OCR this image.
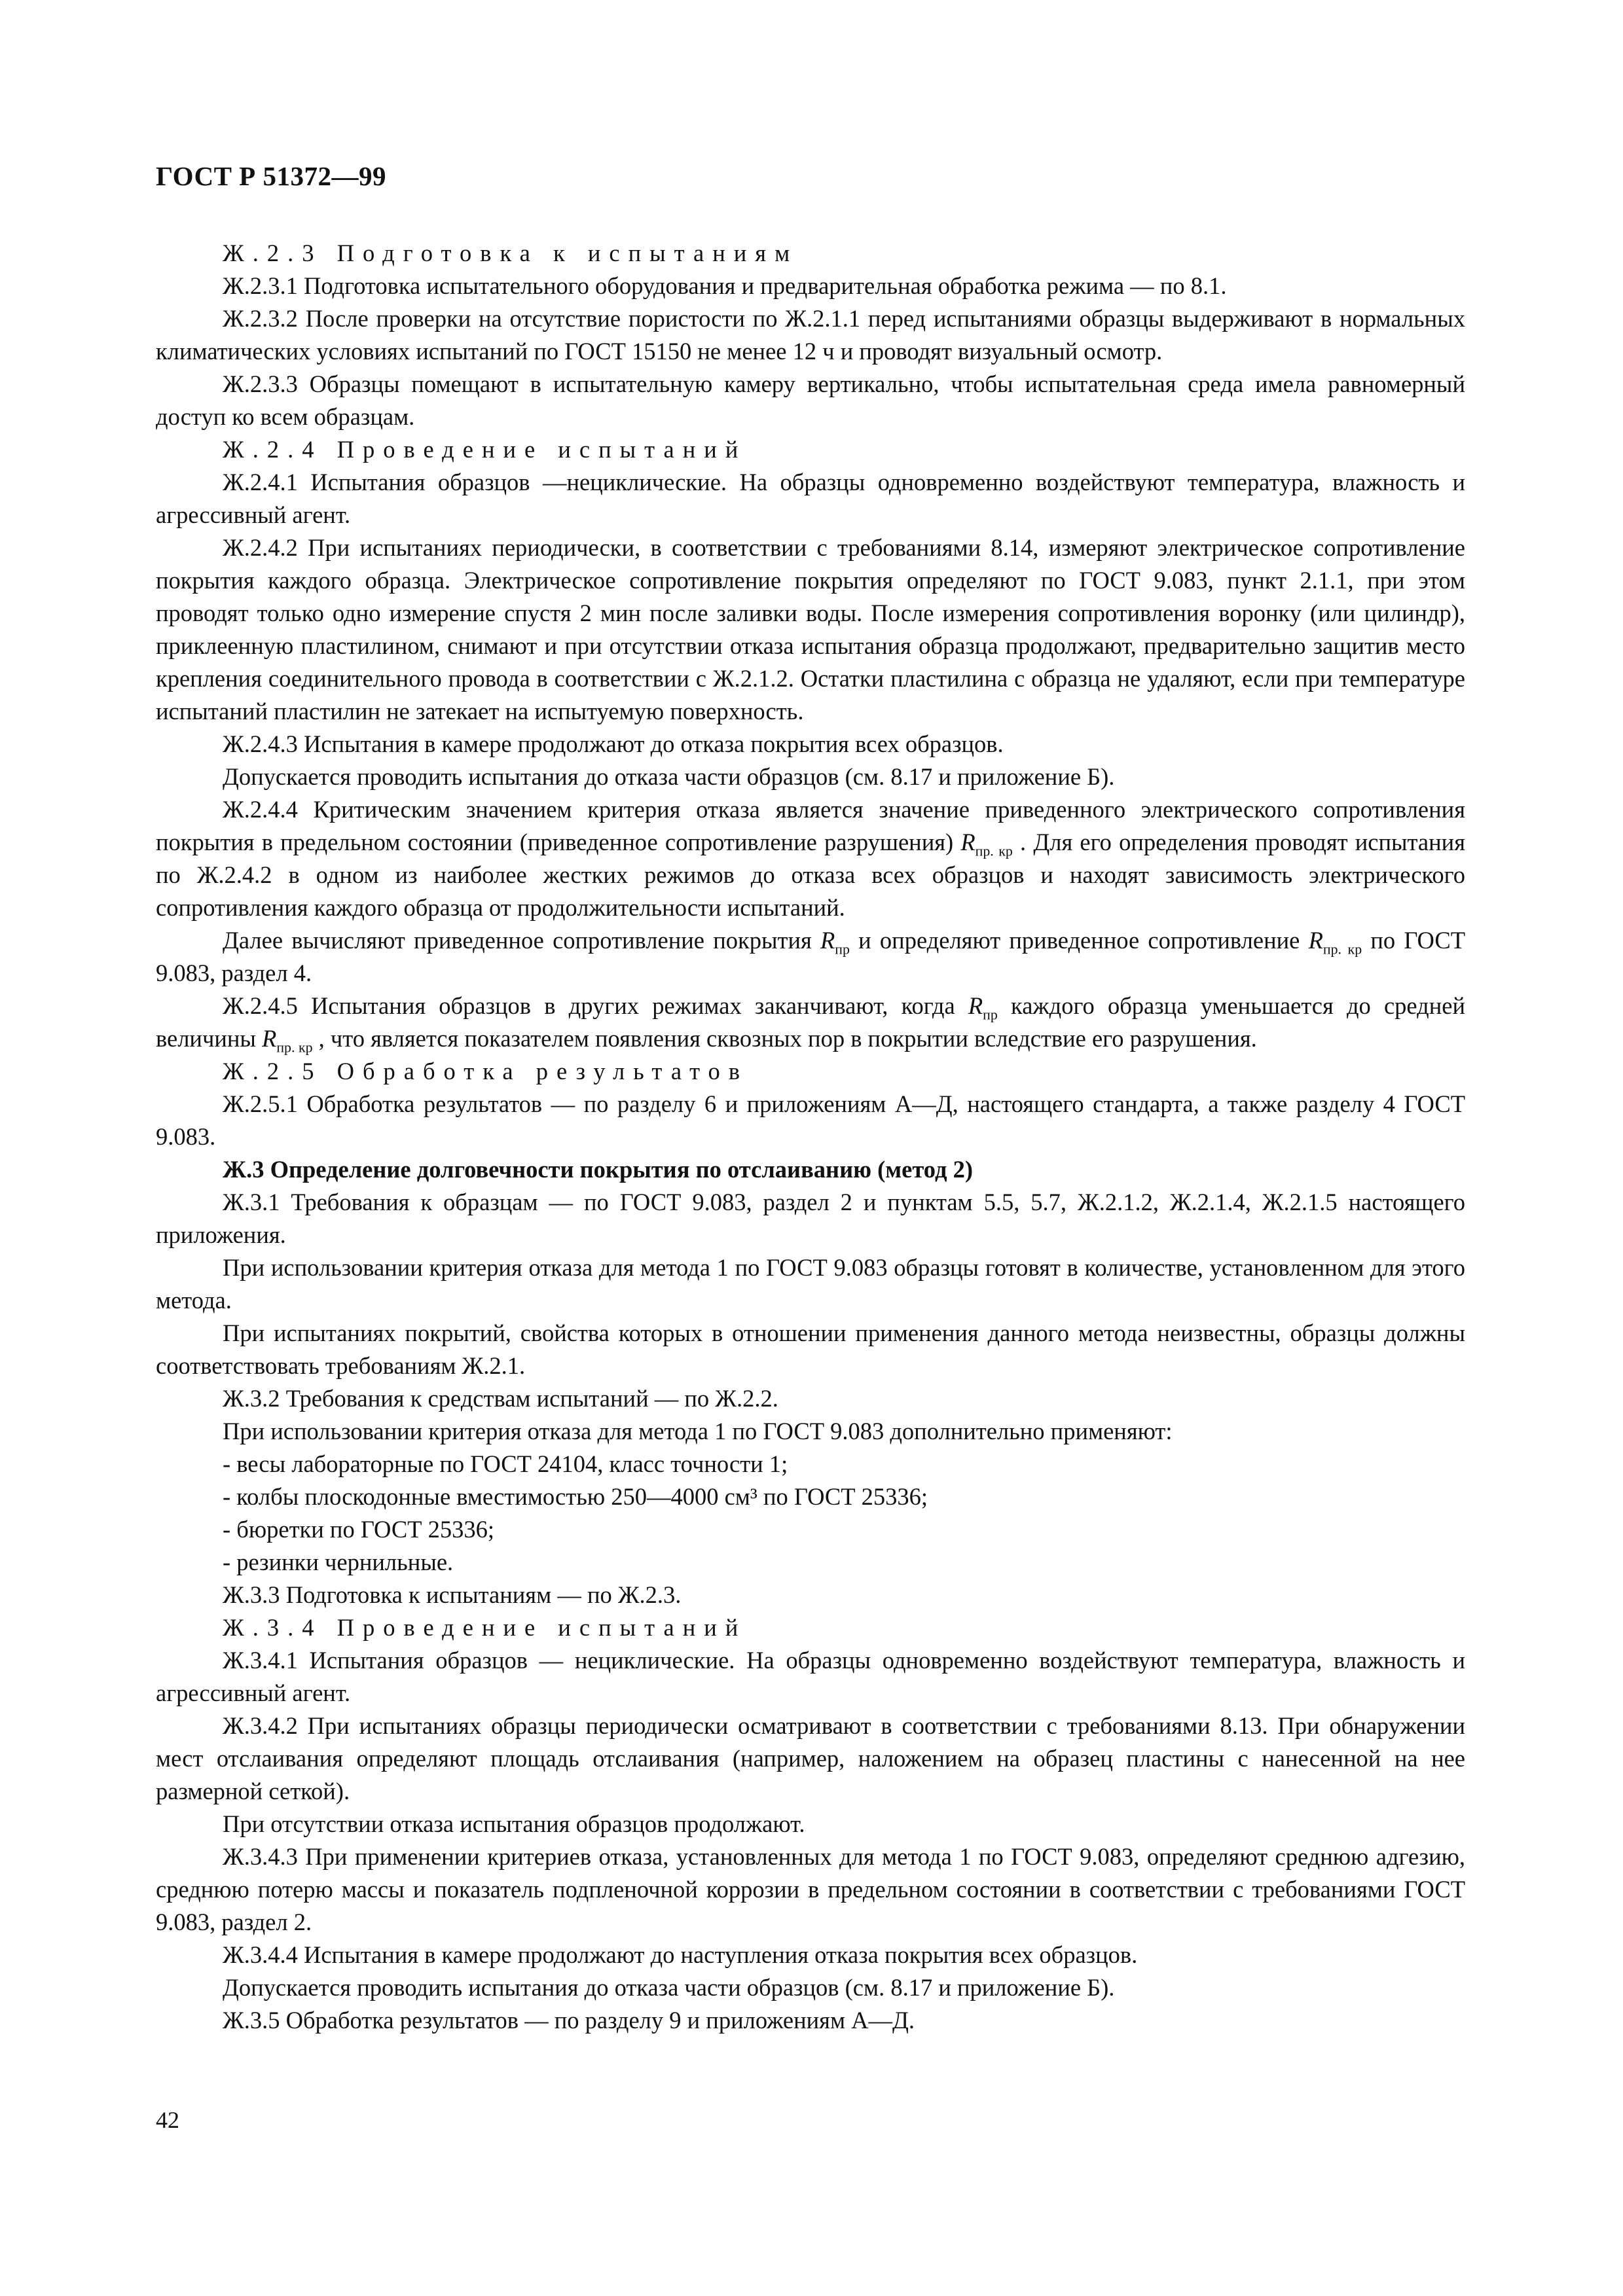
ГОСТ Р 51372—99

Ж.2.3 Подготовка к испытаниям

Ж.2.3.1 Подготовка испытательного оборудования и предварительная обработка режима — по 8.1.

Ж.2.3.2 После проверки на отсутствие пористости по Ж.2.1.1 перед испытаниями образцы выдерживают в нормальных климатических условиях испытаний по ГОСТ 15150 не менее 12 ч и проводят визуальный осмотр.

Ж.2.3.3 Образцы помещают в испытательную камеру вертикально, чтобы испытательная среда имела равномерный доступ ко всем образцам.

Ж.2.4 Проведение испытаний

Ж.2.4.1 Испытания образцов —нециклические. На образцы одновременно воздействуют температура, влажность и агрессивный агент.

Ж.2.4.2 При испытаниях периодически, в соответствии с требованиями 8.14, измеряют электрическое сопротивление покрытия каждого образца. Электрическое сопротивление покрытия определяют по ГОСТ 9.083, пункт 2.1.1, при этом проводят только одно измерение спустя 2 мин после заливки воды. После измерения сопротивления воронку (или цилиндр), приклеенную пластилином, снимают и при отсутствии отказа испытания образца продолжают, предварительно защитив место крепления соединительного провода в соответствии с Ж.2.1.2. Остатки пластилина с образца не удаляют, если при температуре испытаний пластилин не затекает на испытуемую поверхность.

Ж.2.4.3 Испытания в камере продолжают до отказа покрытия всех образцов.

Допускается проводить испытания до отказа части образцов (см. 8.17 и приложение Б).

Ж.2.4.4 Критическим значением критерия отказа является значение приведенного электрического сопротивления покрытия в предельном состоянии (приведенное сопротивление разрушения) $R_{пр. кр}$ . Для его определения проводят испытания по Ж.2.4.2 в одном из наиболее жестких режимов до отказа всех образцов и находят зависимость электрического сопротивления каждого образца от продолжительности испытаний.

Далее вычисляют приведенное сопротивление покрытия $R_{пр}$ и определяют приведенное сопротивление $R_{пр. кр}$ по ГОСТ 9.083, раздел 4.

Ж.2.4.5 Испытания образцов в других режимах заканчивают, когда $R_{пр}$ каждого образца уменьшается до средней величины $R_{пр. кр}$ , что является показателем появления сквозных пор в покрытии вследствие его разрушения.

Ж.2.5 Обработка результатов

Ж.2.5.1 Обработка результатов — по разделу 6 и приложениям А—Д, настоящего стандарта, а также разделу 4 ГОСТ 9.083.

Ж.3 Определение долговечности покрытия по отслаиванию (метод 2)

Ж.3.1 Требования к образцам — по ГОСТ 9.083, раздел 2 и пунктам 5.5, 5.7, Ж.2.1.2, Ж.2.1.4, Ж.2.1.5 настоящего приложения.

При использовании критерия отказа для метода 1 по ГОСТ 9.083 образцы готовят в количестве, установленном для этого метода.

При испытаниях покрытий, свойства которых в отношении применения данного метода неизвестны, образцы должны соответствовать требованиям Ж.2.1.

Ж.3.2 Требования к средствам испытаний — по Ж.2.2.

При использовании критерия отказа для метода 1 по ГОСТ 9.083 дополнительно применяют:

- весы лабораторные по ГОСТ 24104, класс точности 1;

- колбы плоскодонные вместимостью 250—4000 см³ по ГОСТ 25336;

- бюретки по ГОСТ 25336;

- резинки чернильные.

Ж.3.3 Подготовка к испытаниям — по Ж.2.3.

Ж.3.4 Проведение испытаний

Ж.3.4.1 Испытания образцов — нециклические. На образцы одновременно воздействуют температура, влажность и агрессивный агент.

Ж.3.4.2 При испытаниях образцы периодически осматривают в соответствии с требованиями 8.13. При обнаружении мест отслаивания определяют площадь отслаивания (например, наложением на образец пластины с нанесенной на нее размерной сеткой).

При отсутствии отказа испытания образцов продолжают.

Ж.3.4.3 При применении критериев отказа, установленных для метода 1 по ГОСТ 9.083, определяют среднюю адгезию, среднюю потерю массы и показатель подпленочной коррозии в предельном состоянии в соответствии с требованиями ГОСТ 9.083, раздел 2.

Ж.3.4.4 Испытания в камере продолжают до наступления отказа покрытия всех образцов.

Допускается проводить испытания до отказа части образцов (см. 8.17 и приложение Б).

Ж.3.5 Обработка результатов — по разделу 9 и приложениям А—Д.

42
